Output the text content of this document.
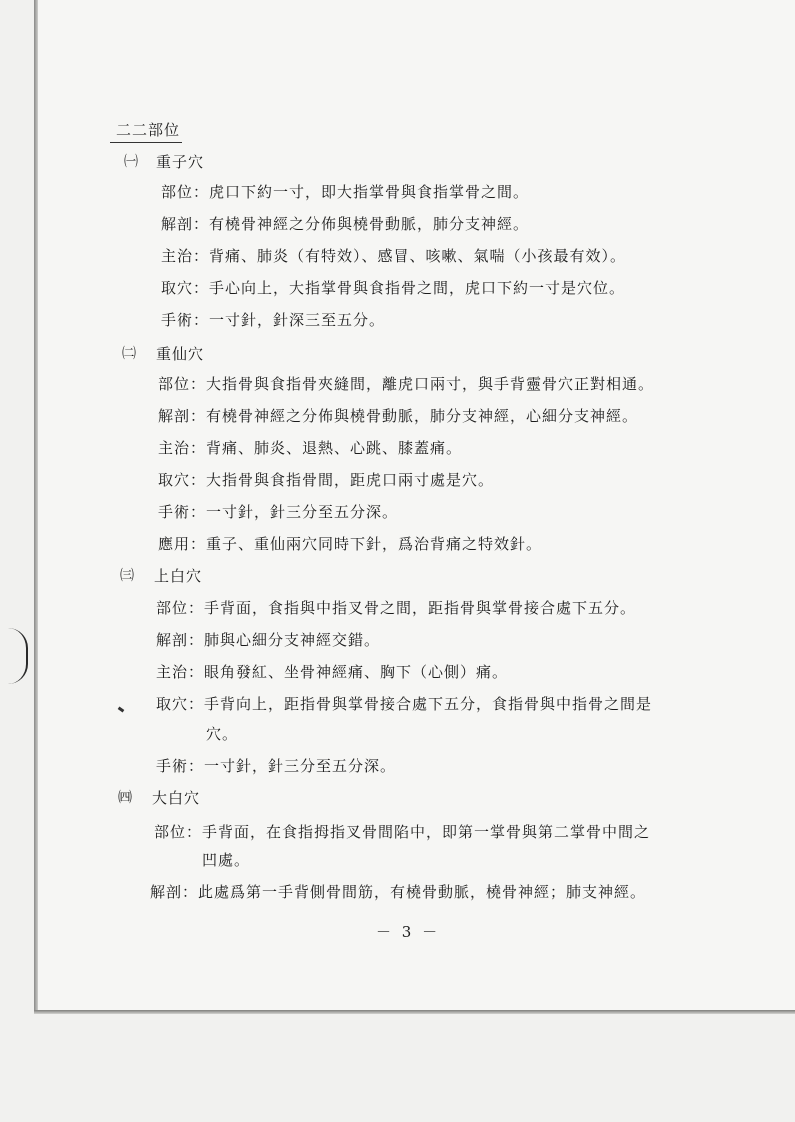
二二部位
㈠ 重子穴
部位：虎口下約一寸，即大指掌骨與食指掌骨之間。
解剖：有橈骨神經之分佈與橈骨動脈，肺分支神經。
主治：背痛、肺炎（有特效）、感冒、咳嗽、氣喘（小孩最有效）。
取穴：手心向上，大指掌骨與食指骨之間，虎口下約一寸是穴位。
手術：一寸針，針深三至五分。
㈡ 重仙穴
部位：大指骨與食指骨夾縫間，離虎口兩寸，與手背靈骨穴正對相通。
解剖：有橈骨神經之分佈與橈骨動脈，肺分支神經，心細分支神經。
主治：背痛、肺炎、退熱、心跳、膝蓋痛。
取穴：大指骨與食指骨間，距虎口兩寸處是穴。
手術：一寸針，針三分至五分深。
應用：重子、重仙兩穴同時下針，爲治背痛之特效針。
㈢ 上白穴
部位：手背面，食指與中指叉骨之間，距指骨與掌骨接合處下五分。
解剖：肺與心細分支神經交錯。
主治：眼角發紅、坐骨神經痛、胸下（心側）痛。
取穴：手背向上，距指骨與掌骨接合處下五分，食指骨與中指骨之間是
穴。
手術：一寸針，針三分至五分深。
㈣ 大白穴
部位：手背面，在食指拇指叉骨間陷中，即第一掌骨與第二掌骨中間之
凹處。
解剖：此處爲第一手背側骨間筋，有橈骨動脈，橈骨神經；肺支神經。
－ 3 －
